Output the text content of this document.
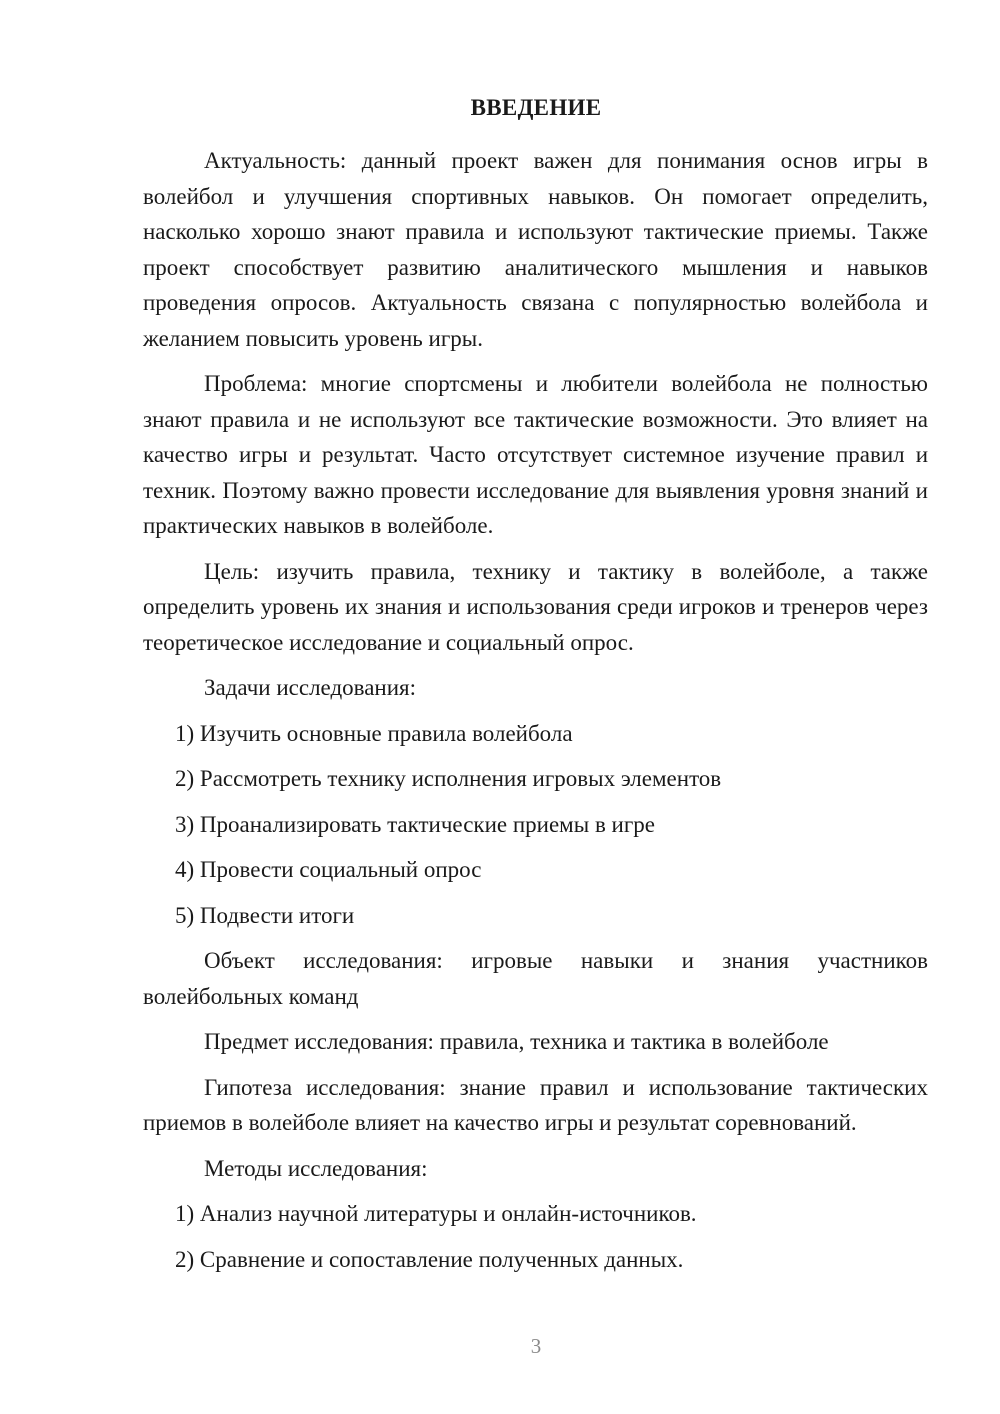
ВВЕДЕНИЕ

Актуальность: данный проект важен для понимания основ игры в волейбол и улучшения спортивных навыков. Он помогает определить, насколько хорошо знают правила и используют тактические приемы. Также проект способствует развитию аналитического мышления и навыков проведения опросов. Актуальность связана с популярностью волейбола и желанием повысить уровень игры.

Проблема: многие спортсмены и любители волейбола не полностью знают правила и не используют все тактические возможности. Это влияет на качество игры и результат. Часто отсутствует системное изучение правил и техник. Поэтому важно провести исследование для выявления уровня знаний и практических навыков в волейболе.

Цель: изучить правила, технику и тактику в волейболе, а также определить уровень их знания и использования среди игроков и тренеров через теоретическое исследование и социальный опрос.

Задачи исследования:

1) Изучить основные правила волейбола

2) Рассмотреть технику исполнения игровых элементов

3) Проанализировать тактические приемы в игре

4) Провести социальный опрос

5) Подвести итоги

Объект исследования: игровые навыки и знания участников волейбольных команд

Предмет исследования: правила, техника и тактика в волейболе

Гипотеза исследования: знание правил и использование тактических приемов в волейболе влияет на качество игры и результат соревнований.

Методы исследования:

1) Анализ научной литературы и онлайн-источников.

2) Сравнение и сопоставление полученных данных.

3
